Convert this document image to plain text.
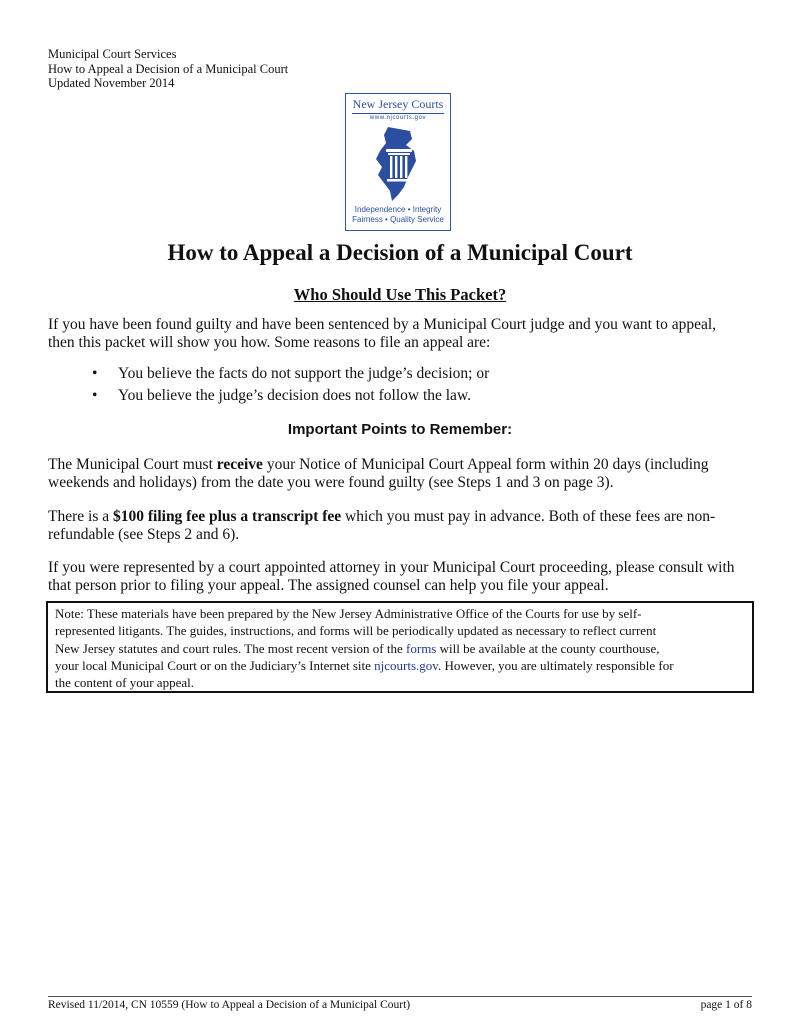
Municipal Court Services
How to Appeal a Decision of a Municipal Court
Updated November 2014
New Jersey Courts
www.njcourts.gov
Independence • Integrity
Fairness • Quality Service
How to Appeal a Decision of a Municipal Court
Who Should Use This Packet?

If you have been found guilty and have been sentenced by a Municipal Court judge and you want to appeal,
then this packet will show you how. Some reasons to file an appeal are:

• You believe the facts do not support the judge’s decision; or
• You believe the judge’s decision does not follow the law.
Important Points to Remember:

The Municipal Court must receive your Notice of Municipal Court Appeal form within 20 days (including
weekends and holidays) from the date you were found guilty (see Steps 1 and 3 on page 3).

There is a $100 filing fee plus a transcript fee which you must pay in advance. Both of these fees are non-
refundable (see Steps 2 and 6).

If you were represented by a court appointed attorney in your Municipal Court proceeding, please consult with
that person prior to filing your appeal. The assigned counsel can help you file your appeal.

Note: These materials have been prepared by the New Jersey Administrative Office of the Courts for use by self-
represented litigants. The guides, instructions, and forms will be periodically updated as necessary to reflect current
New Jersey statutes and court rules. The most recent version of the forms will be available at the county courthouse,
your local Municipal Court or on the Judiciary’s Internet site njcourts.gov. However, you are ultimately responsible for
the content of your appeal.
Revised 11/2014, CN 10559 (How to Appeal a Decision of a Municipal Court)	page 1 of 8
